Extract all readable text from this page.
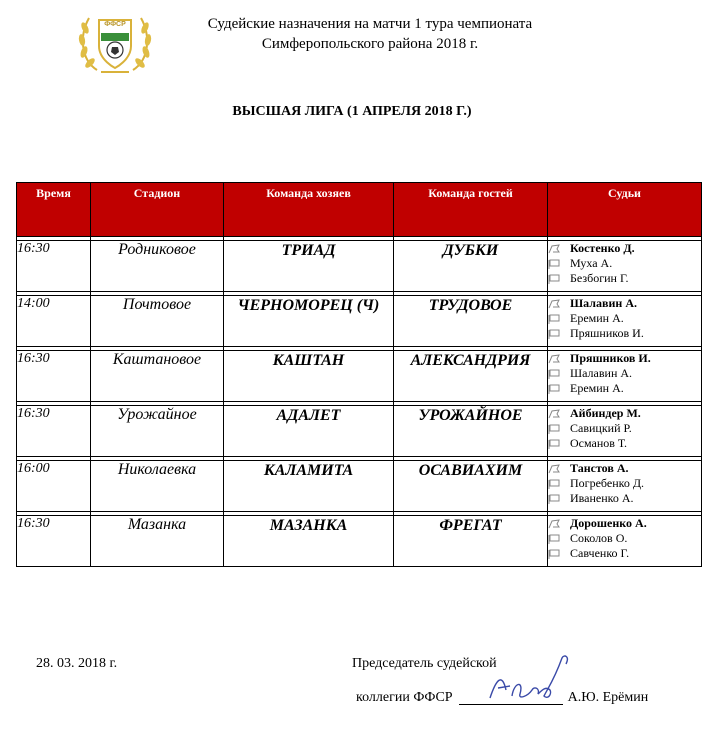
ФФСР	Судейские назначения на матчи 1 тура чемпионата
Симферопольского района 2018 г.
ВЫСШАЯ ЛИГА (1 АПРЕЛЯ 2018 Г.)
Время	Стадион	Команда хозяев	Команда гостей	Судьи

16:30	Родниковое	ТРИАД	ДУБКИ	Костенко Д.
Муха А.
Безбогин Г.

14:00	Почтовое	ЧЕРНОМОРЕЦ (Ч)	ТРУДОВОЕ	Шалавин А.
Еремин А.
Пряшников И.

16:30	Каштановое	КАШТАН	АЛЕКСАНДРИЯ	Пряшников И.
Шалавин А.
Еремин А.

16:30	Урожайное	АДАЛЕТ	УРОЖАЙНОЕ	Айбиндер М.
Савицкий Р.
Османов Т.

16:00	Николаевка	КАЛАМИТА	ОСАВИАХИМ	Танстов А.
Погребенко Д.
Иваненко А.

16:30	Мазанка	МАЗАНКА	ФРЕГАТ	Дорошенко А.
Соколов О.
Савченко Г.
28. 03. 2018 г.	Председатель судейской
коллегии ФФСР	А.Ю. Ерёмин
